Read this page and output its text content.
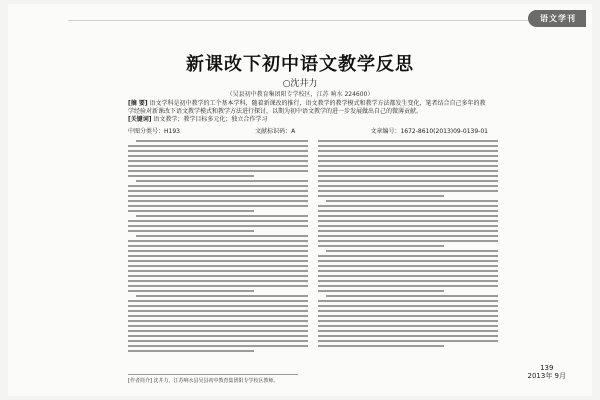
语文学刊
新课改下初中语文教学反思
○沈井力
（吴县初中教育集团阳专学校区，江苏 响水 224600）
[摘 要] 语文学科是初中教学的工个基本学科，随着新课改的推行，语文教学的教学模式和教学方法都发生变化，笔者结合自己多年的教学经验对新课改下语文教学模式和教学方法进行探讨，以期为初中语文教学的进一步发展做出自己的微薄贡献。
[关键词] 语文教学；教学目标多元化；独立合作学习
中图分类号：H193	文献标识码：A	文章编号：1672-8610(2013)09-0139-01
[作者简介] 沈井力，江苏响水县吴县初中教育集团阳专学校区教师。
139
2013年 9月
